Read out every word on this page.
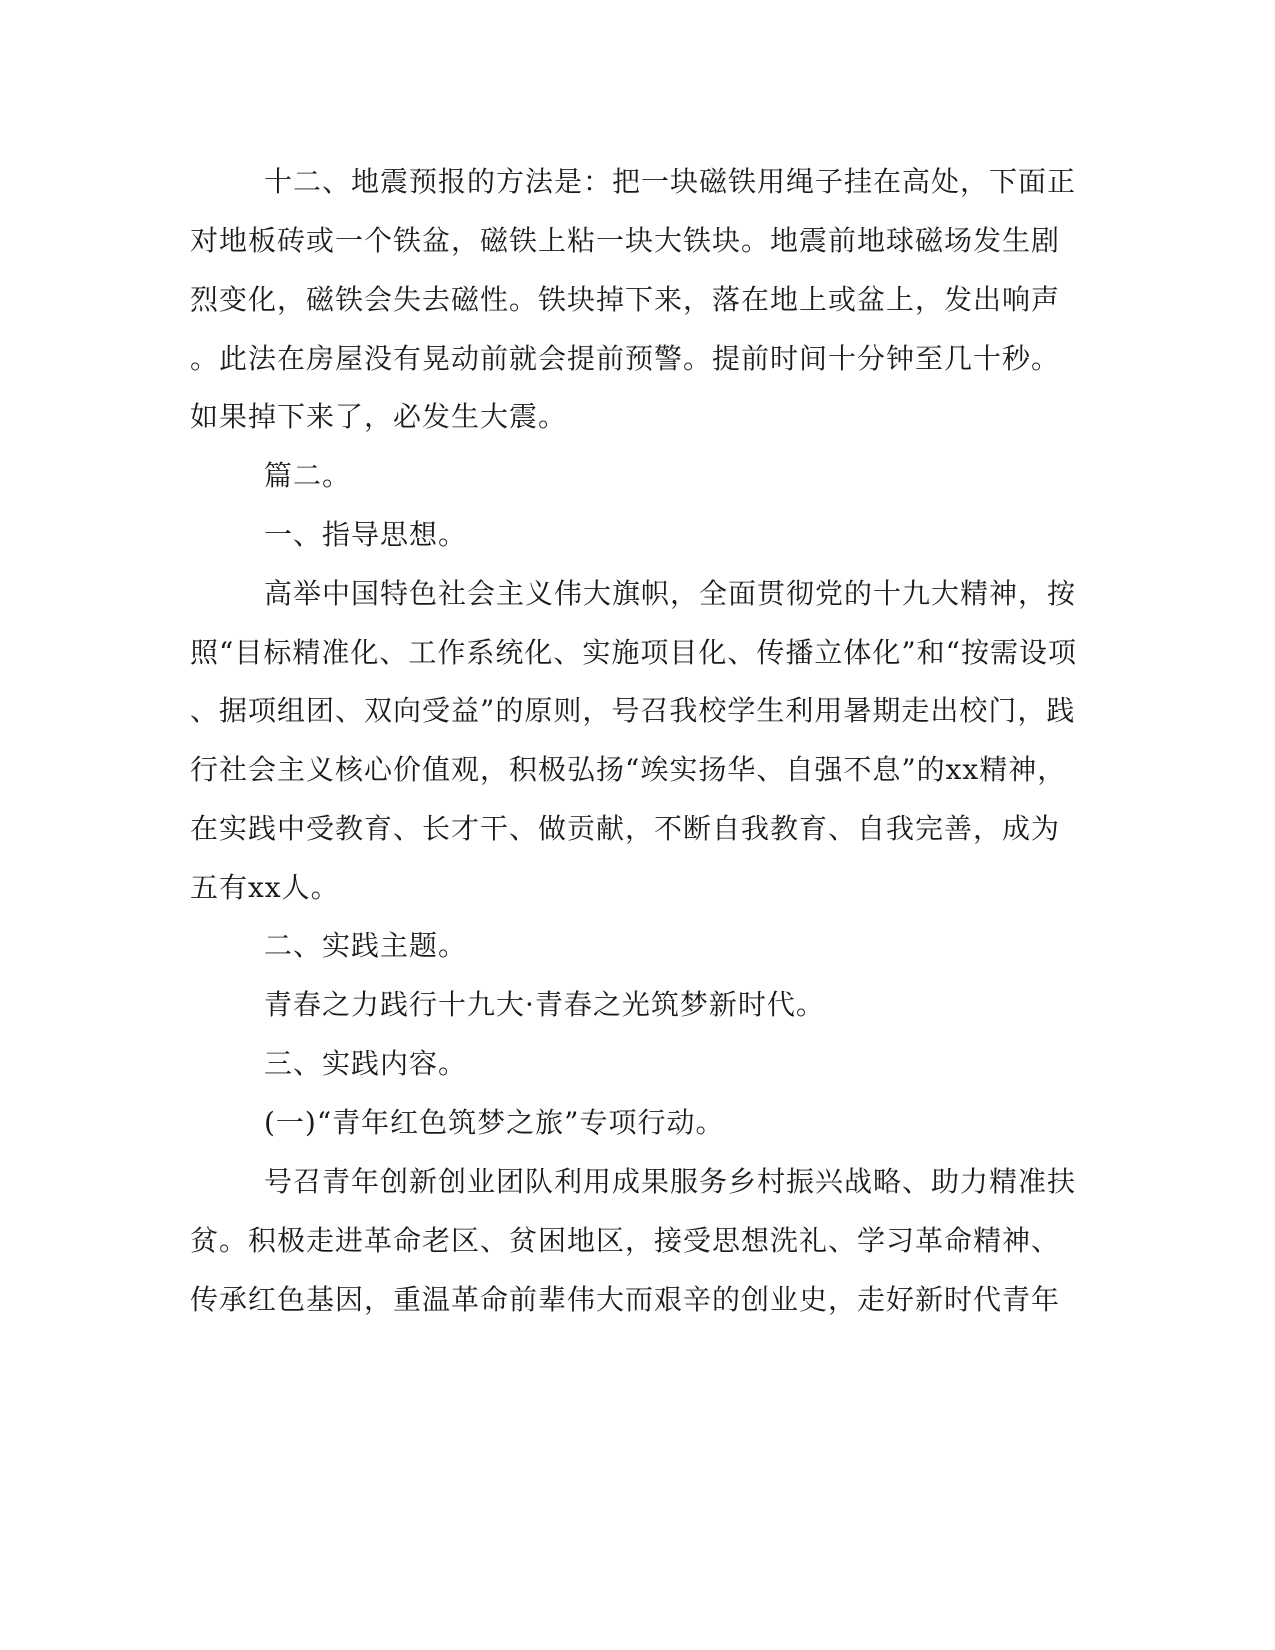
十二、地震预报的方法是：把一块磁铁用绳子挂在高处，下面正
对地板砖或一个铁盆，磁铁上粘一块大铁块。地震前地球磁场发生剧
烈变化，磁铁会失去磁性。铁块掉下来，落在地上或盆上，发出响声
。此法在房屋没有晃动前就会提前预警。提前时间十分钟至几十秒。
如果掉下来了，必发生大震。
篇二。
一、指导思想。
高举中国特色社会主义伟大旗帜，全面贯彻党的十九大精神，按
照“目标精准化、工作系统化、实施项目化、传播立体化”和“按需设项
、据项组团、双向受益”的原则，号召我校学生利用暑期走出校门，践
行社会主义核心价值观，积极弘扬“竢实扬华、自强不息”的xx精神，
在实践中受教育、长才干、做贡献，不断自我教育、自我完善，成为
五有xx人。
二、实践主题。
青春之力践行十九大·青春之光筑梦新时代。
三、实践内容。
(一)“青年红色筑梦之旅”专项行动。
号召青年创新创业团队利用成果服务乡村振兴战略、助力精准扶
贫。积极走进革命老区、贫困地区，接受思想洗礼、学习革命精神、
传承红色基因，重温革命前辈伟大而艰辛的创业史，走好新时代青年
